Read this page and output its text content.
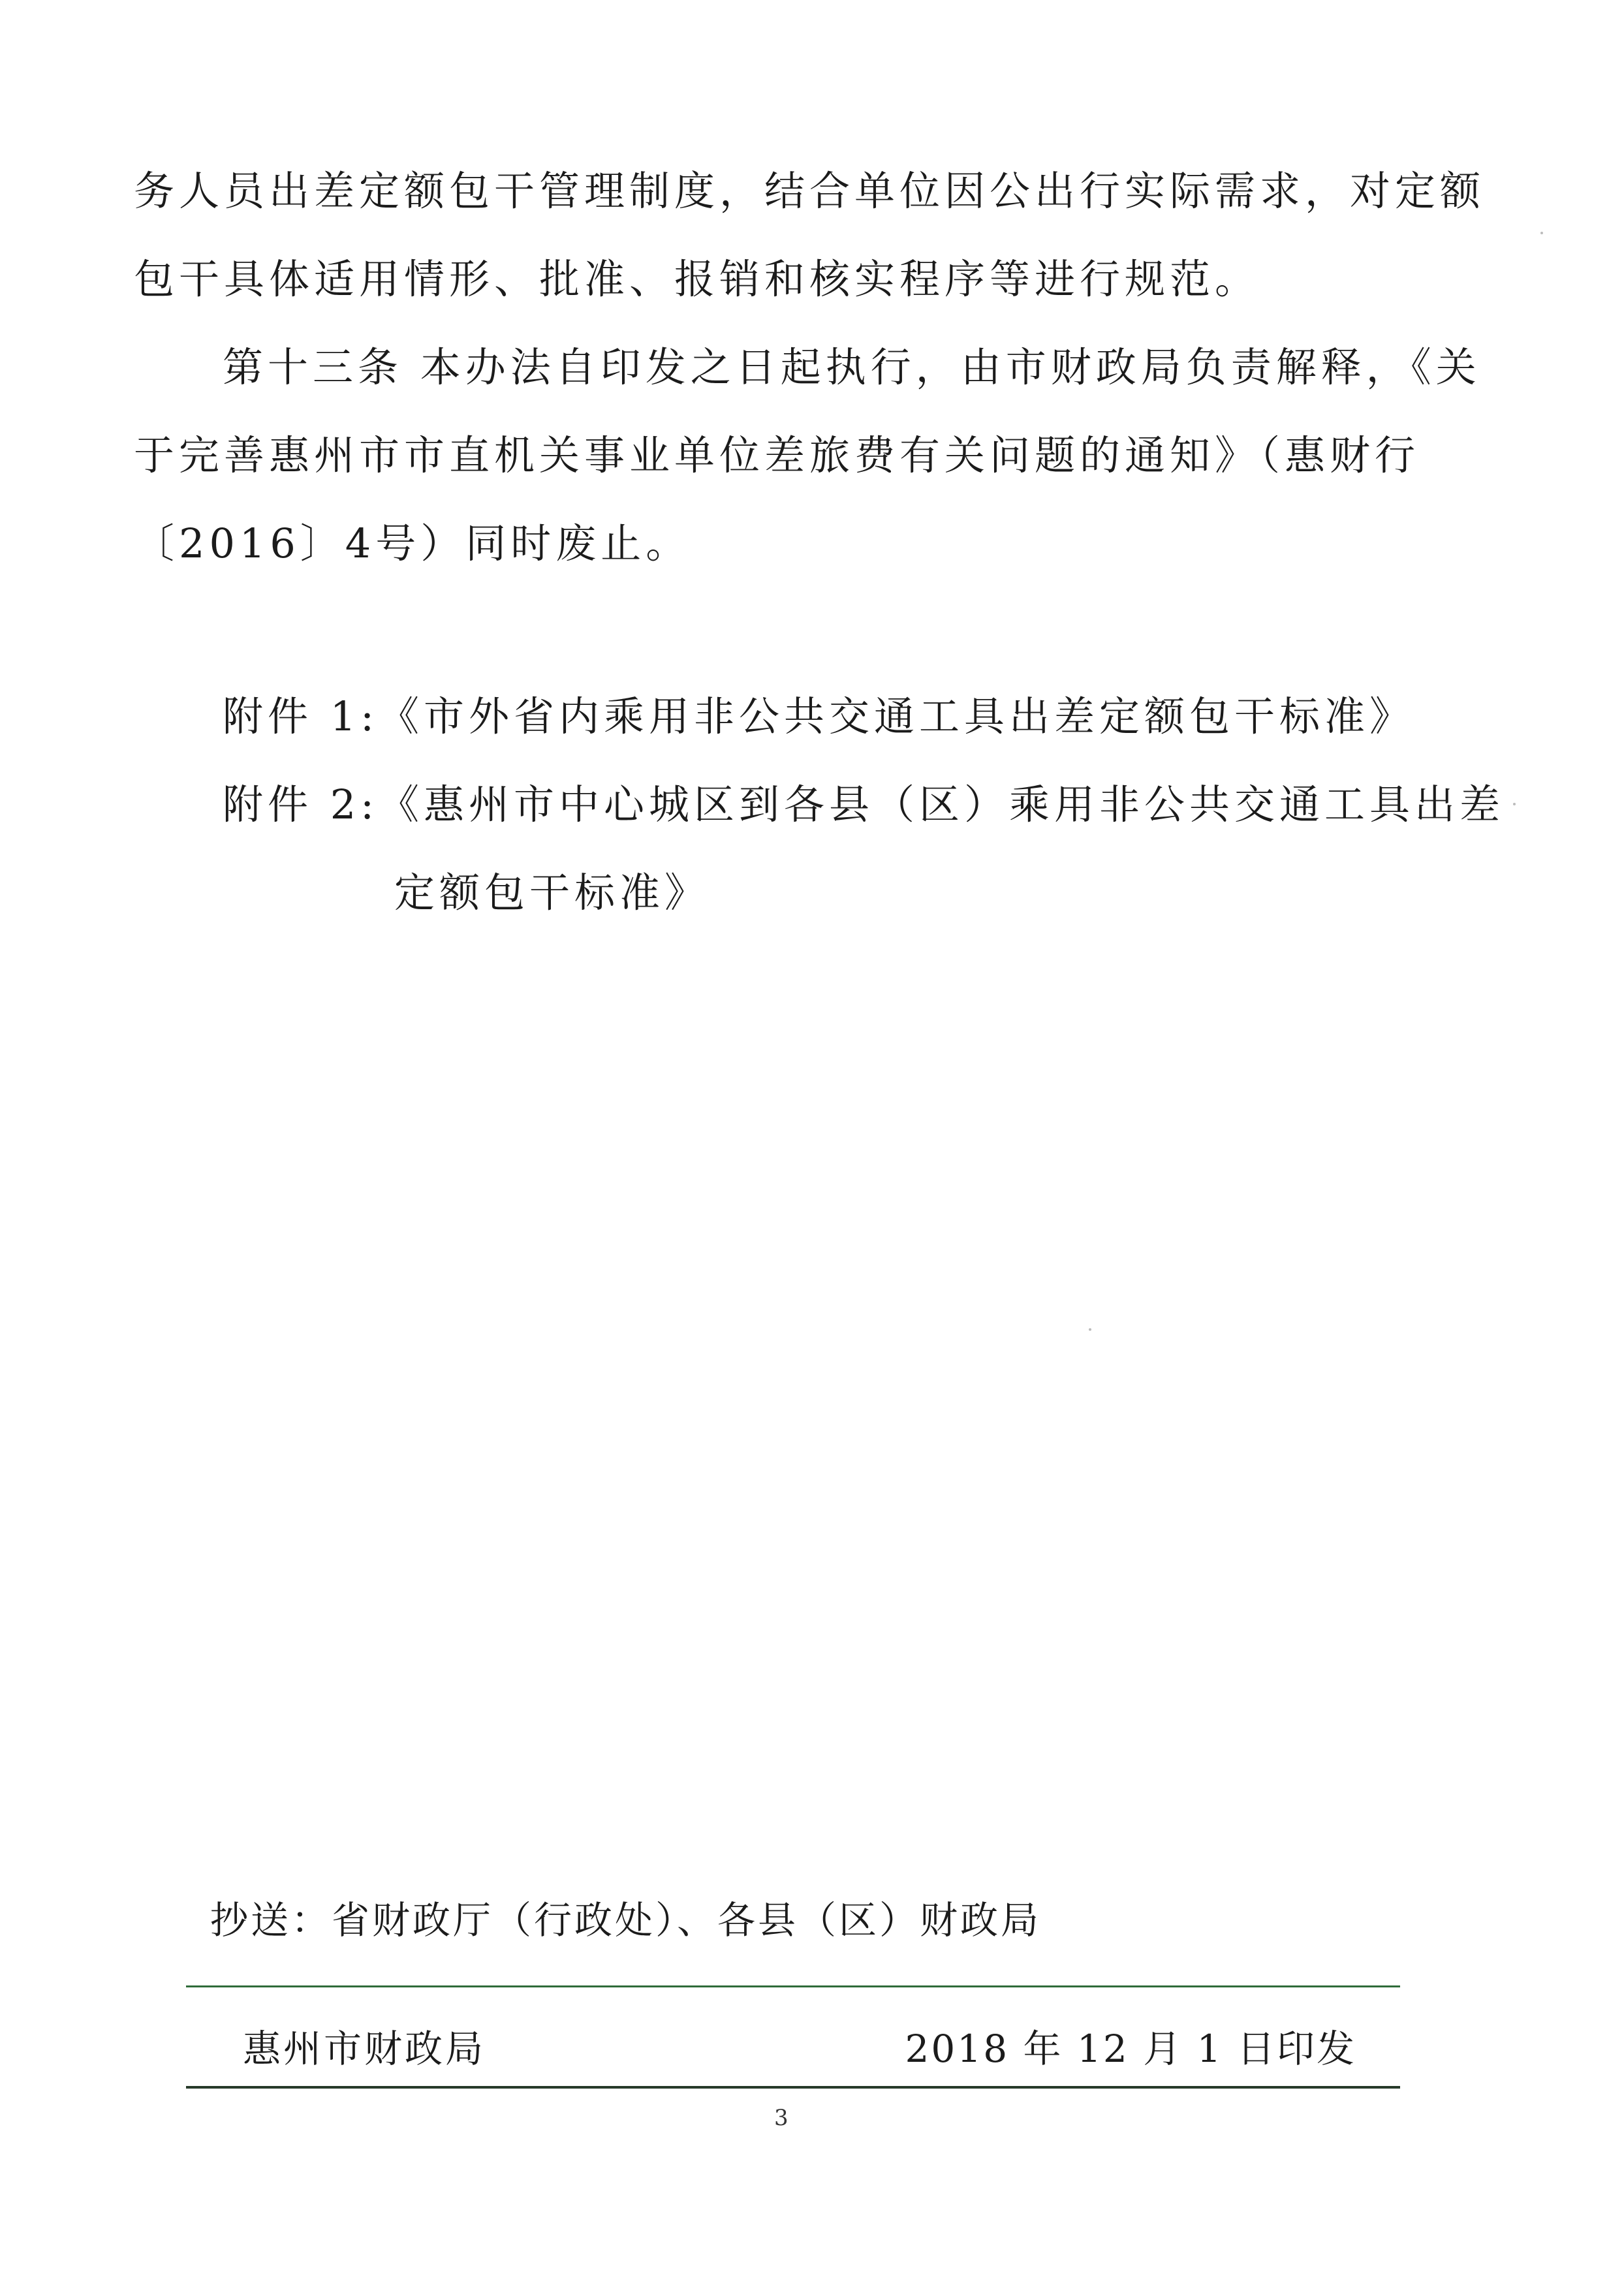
务人员出差定额包干管理制度，结合单位因公出行实际需求，对定额
包干具体适用情形、批准、报销和核实程序等进行规范。
第十三条 本办法自印发之日起执行，由市财政局负责解释，《关
于完善惠州市市直机关事业单位差旅费有关问题的通知》（惠财行
〔2016〕4号）同时废止。
附件 1:《市外省内乘用非公共交通工具出差定额包干标准》
附件 2:《惠州市中心城区到各县（区）乘用非公共交通工具出差
定额包干标准》
抄送：省财政厅（行政处）、各县（区）财政局
惠州市财政局	2018 年 12 月 1 日印发
3
